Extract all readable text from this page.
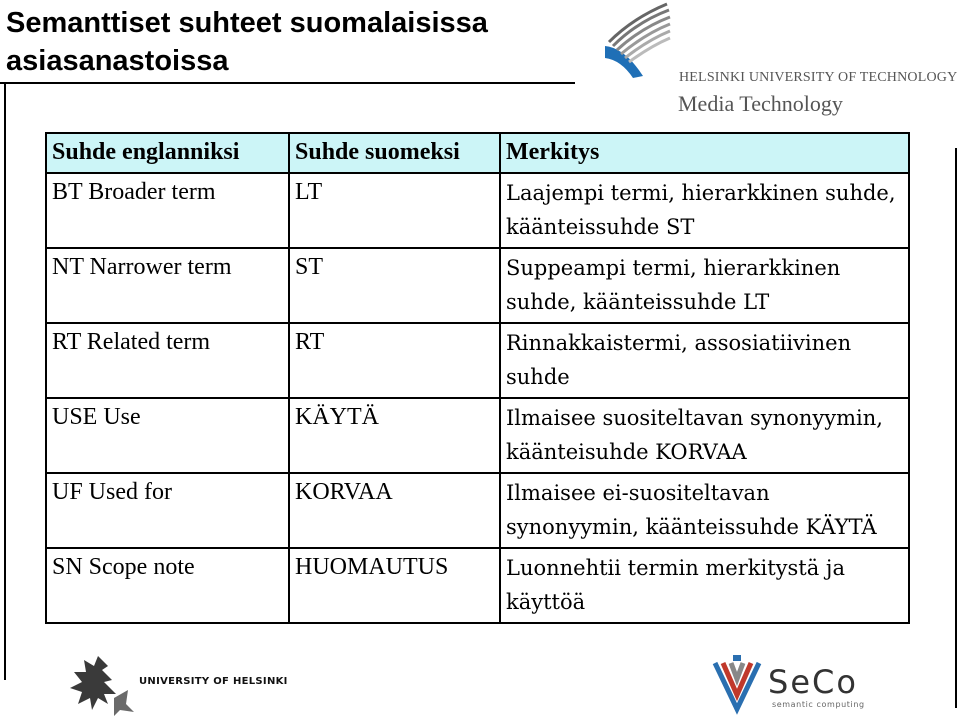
Semanttiset suhteet suomalaisissa
asiasanastoissa
HELSINKI UNIVERSITY OF TECHNOLOGY
Media Technology
Suhde englanniksi	Suhde suomeksi	Merkitys
BT Broader term	LT	Laajempi termi, hierarkkinen suhde, käänteissuhde ST
NT Narrower term	ST	Suppeampi termi, hierarkkinen suhde, käänteissuhde LT
RT Related term	RT	Rinnakkaistermi, assosiatiivinen suhde
USE Use	KÄYTÄ	Ilmaisee suositeltavan synonyymin, käänteisuhde KORVAA
UF Used for	KORVAA	Ilmaisee ei-suositeltavan synonyymin, käänteissuhde KÄYTÄ
SN Scope note	HUOMAUTUS	Luonnehtii termin merkitystä ja käyttöä
UNIVERSITY OF HELSINKI	SeCo
semantic computing
